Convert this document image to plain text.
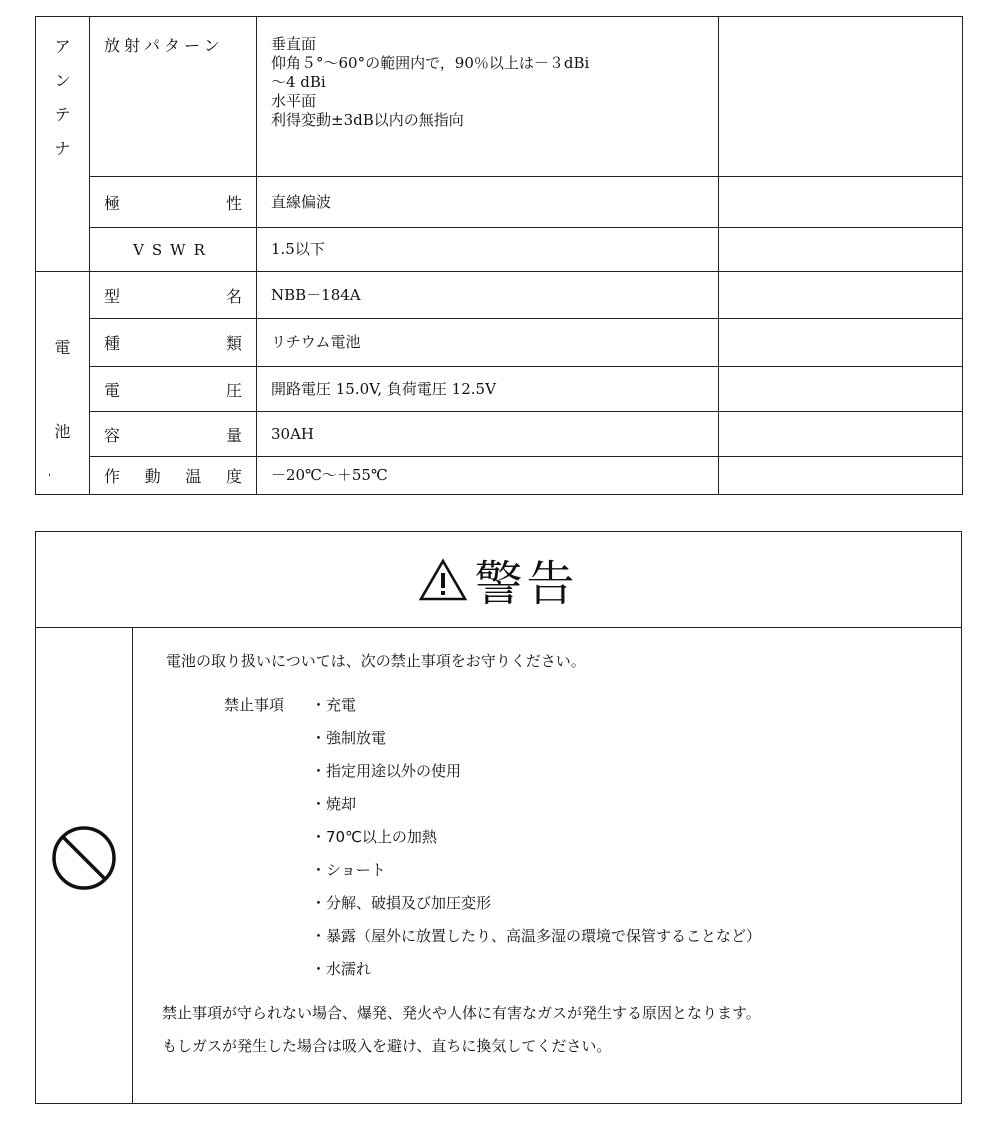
ア
ン
テ
ナ	放射パターン	垂直面
仰角５°～60°の範囲内で，90％以上は－３dBi
～4 dBi
水平面
利得変動±3dB以内の無指向	

	極 性	直線偏波	

	VSWR	1.5以下	

電
池
'	型 名	NBB－184A	

	種 類	リチウム電池	

	電 圧	開路電圧 15.0V, 負荷電圧 12.5V	

	容 量	30AH	

	作 動 温 度	－20℃～＋55℃	
警告
電池の取り扱いについては、次の禁止事項をお守りください。
禁止事項 ・充電
・強制放電
・指定用途以外の使用
・焼却
・70℃以上の加熱
・ショート
・分解、破損及び加圧変形
・暴露（屋外に放置したり、高温多湿の環境で保管することなど）
・水濡れ
禁止事項が守られない場合、爆発、発火や人体に有害なガスが発生する原因となります。
もしガスが発生した場合は吸入を避け、直ちに換気してください。
